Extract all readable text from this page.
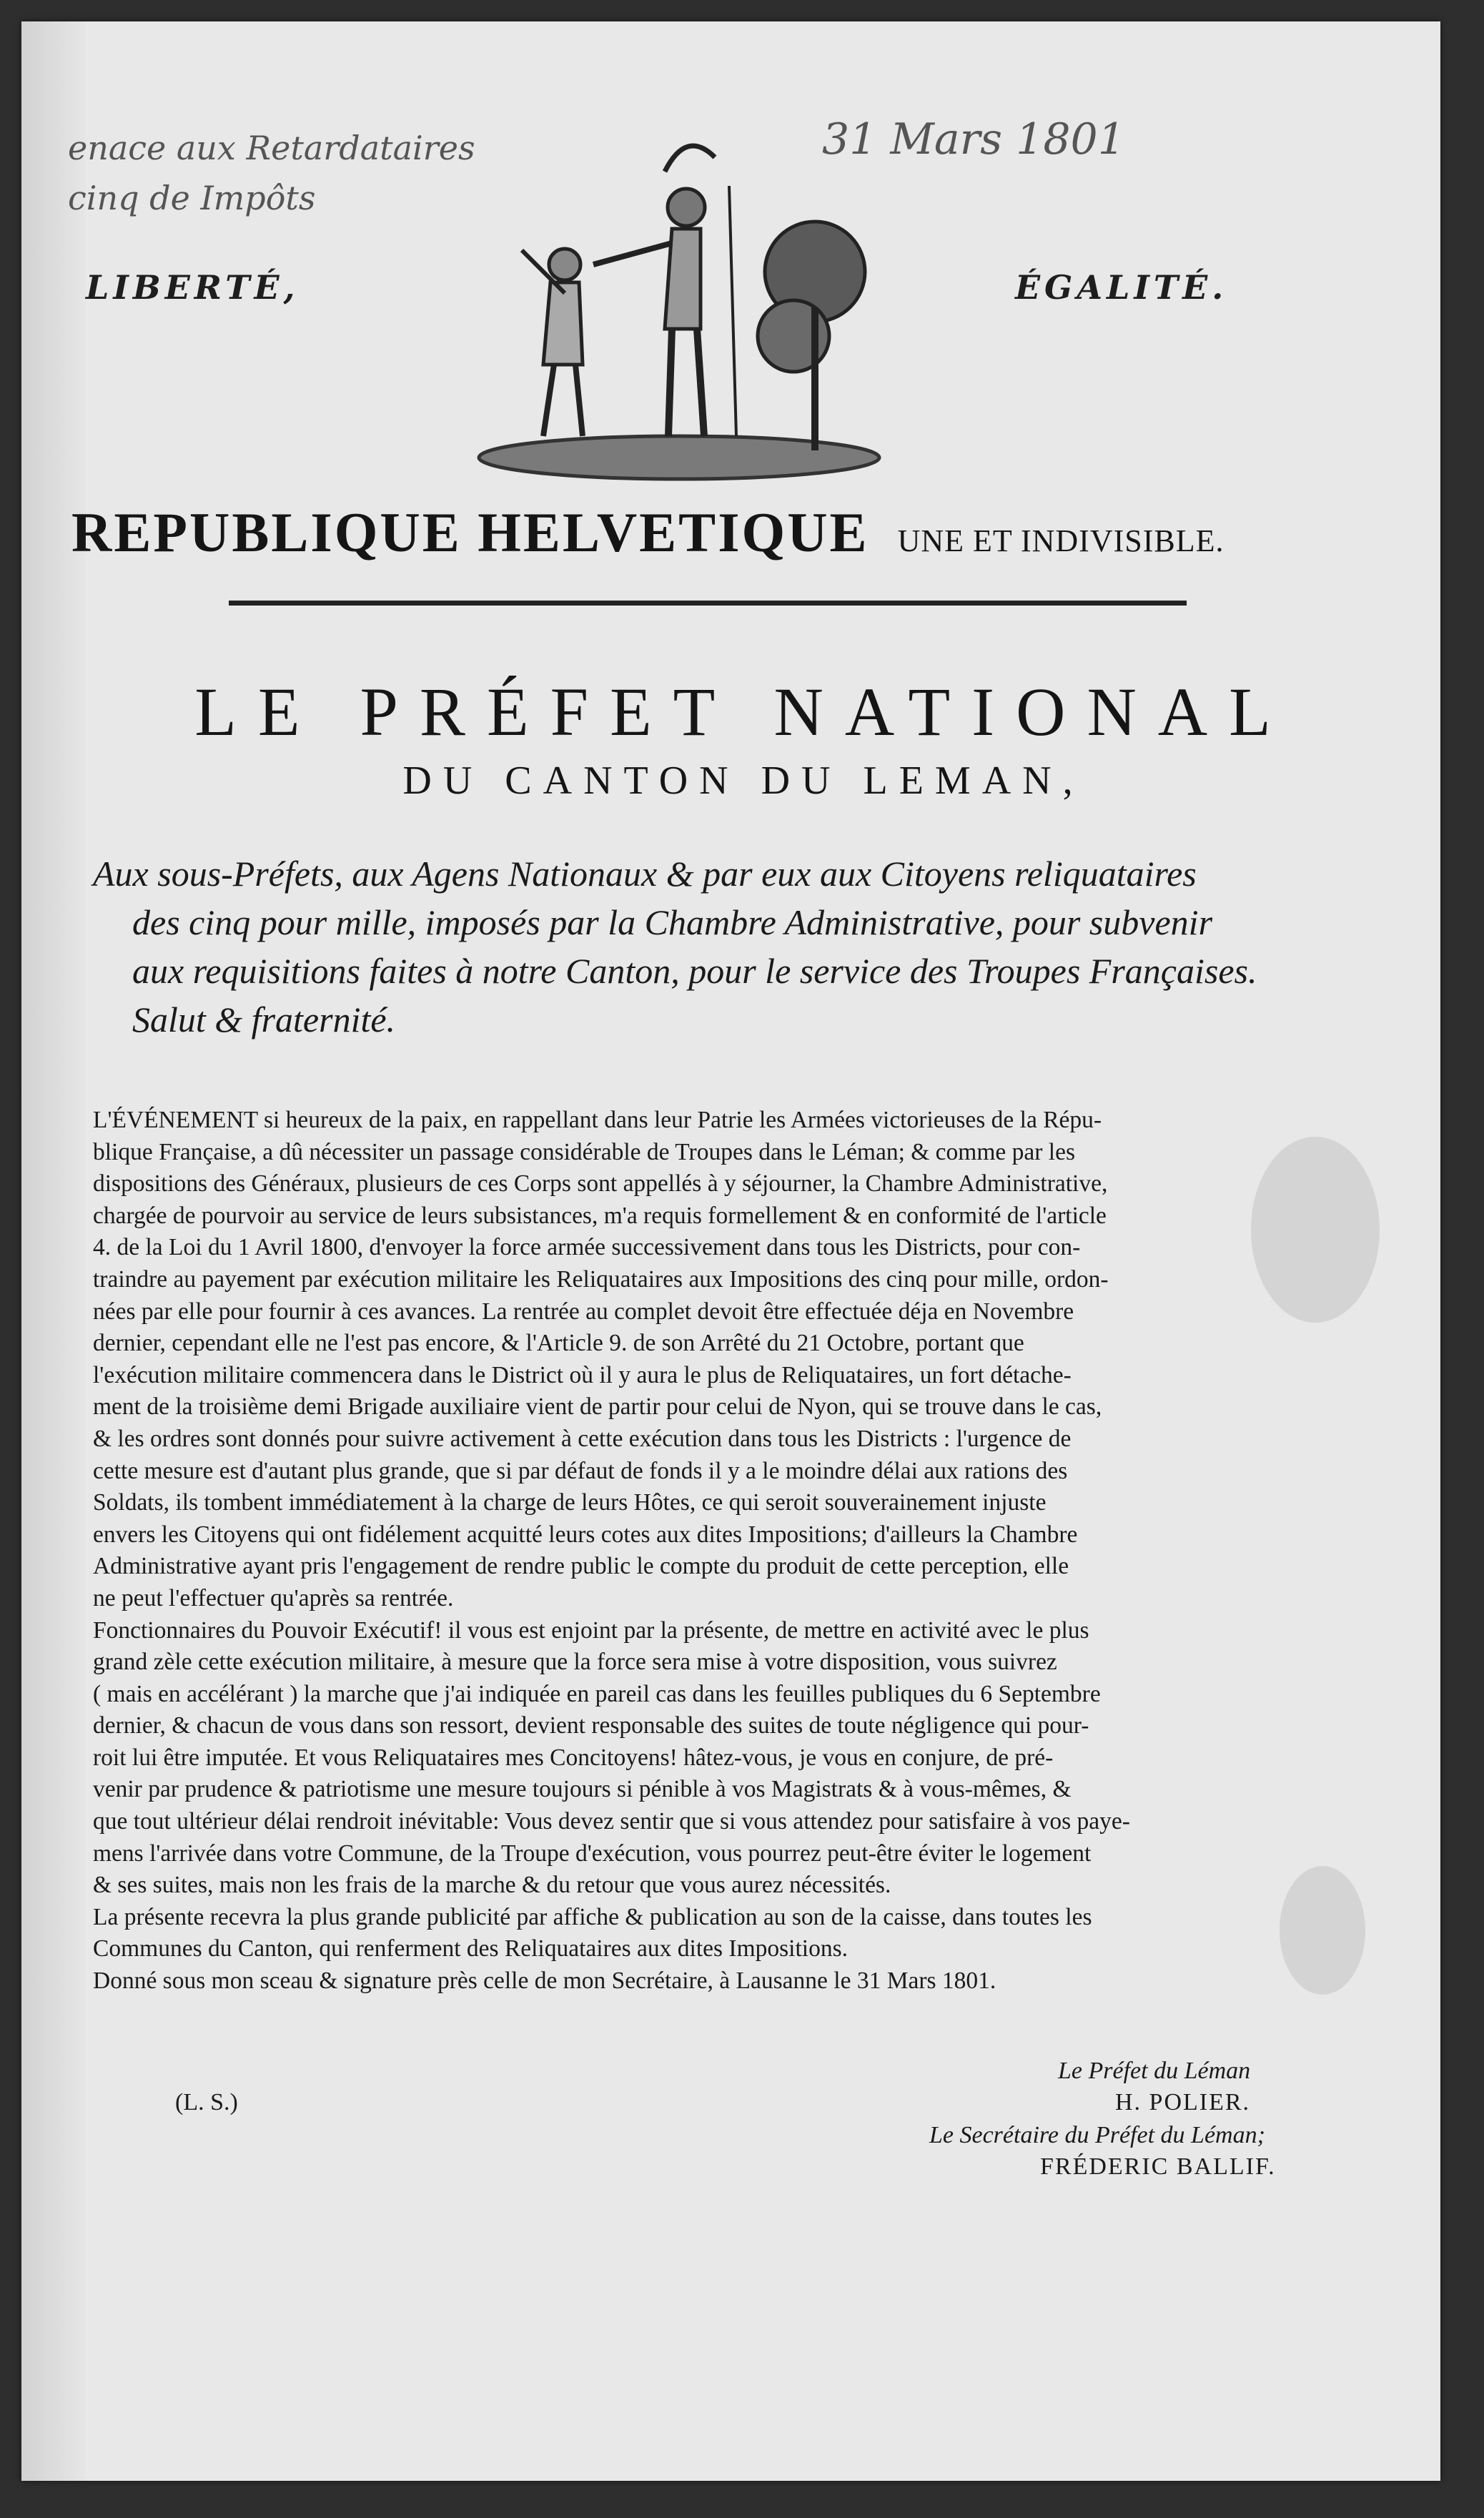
enace aux Retardataires
cinq de Impôts
31 Mars 1801
LIBERTÉ,	ÉGALITÉ.
REPUBLIQUE HELVETIQUE UNE ET INDIVISIBLE.
LE PRÉFET NATIONAL
DU CANTON DU LEMAN,
Aux sous-Préfets, aux Agens Nationaux & par eux aux Citoyens reliquataires
des cinq pour mille, imposés par la Chambre Administrative, pour subvenir
aux requisitions faites à notre Canton, pour le service des Troupes Françaises.
Salut & fraternité.
L'ÉVÉNEMENT si heureux de la paix, en rappellant dans leur Patrie les Armées victorieuses de la Répu-
blique Française, a dû nécessiter un passage considérable de Troupes dans le Léman; & comme par les
dispositions des Généraux, plusieurs de ces Corps sont appellés à y séjourner, la Chambre Administrative,
chargée de pourvoir au service de leurs subsistances, m'a requis formellement & en conformité de l'article
4. de la Loi du 1 Avril 1800, d'envoyer la force armée successivement dans tous les Districts, pour con-
traindre au payement par exécution militaire les Reliquataires aux Impositions des cinq pour mille, ordon-
nées par elle pour fournir à ces avances. La rentrée au complet devoit être effectuée déja en Novembre
dernier, cependant elle ne l'est pas encore, & l'Article 9. de son Arrêté du 21 Octobre, portant que
l'exécution militaire commencera dans le District où il y aura le plus de Reliquataires, un fort détache-
ment de la troisième demi Brigade auxiliaire vient de partir pour celui de Nyon, qui se trouve dans le cas,
& les ordres sont donnés pour suivre activement à cette exécution dans tous les Districts : l'urgence de
cette mesure est d'autant plus grande, que si par défaut de fonds il y a le moindre délai aux rations des
Soldats, ils tombent immédiatement à la charge de leurs Hôtes, ce qui seroit souverainement injuste
envers les Citoyens qui ont fidélement acquitté leurs cotes aux dites Impositions; d'ailleurs la Chambre
Administrative ayant pris l'engagement de rendre public le compte du produit de cette perception, elle
ne peut l'effectuer qu'après sa rentrée.
Fonctionnaires du Pouvoir Exécutif! il vous est enjoint par la présente, de mettre en activité avec le plus
grand zèle cette exécution militaire, à mesure que la force sera mise à votre disposition, vous suivrez
( mais en accélérant ) la marche que j'ai indiquée en pareil cas dans les feuilles publiques du 6 Septembre
dernier, & chacun de vous dans son ressort, devient responsable des suites de toute négligence qui pour-
roit lui être imputée. Et vous Reliquataires mes Concitoyens! hâtez-vous, je vous en conjure, de pré-
venir par prudence & patriotisme une mesure toujours si pénible à vos Magistrats & à vous-mêmes, &
que tout ultérieur délai rendroit inévitable: Vous devez sentir que si vous attendez pour satisfaire à vos paye-
mens l'arrivée dans votre Commune, de la Troupe d'exécution, vous pourrez peut-être éviter le logement
& ses suites, mais non les frais de la marche & du retour que vous aurez nécessités.
La présente recevra la plus grande publicité par affiche & publication au son de la caisse, dans toutes les
Communes du Canton, qui renferment des Reliquataires aux dites Impositions.
Donné sous mon sceau & signature près celle de mon Secrétaire, à Lausanne le 31 Mars 1801.
Le Préfet du Léman
H. POLIER.
(L. S.)
Le Secrétaire du Préfet du Léman;
FRÉDERIC BALLIF.
